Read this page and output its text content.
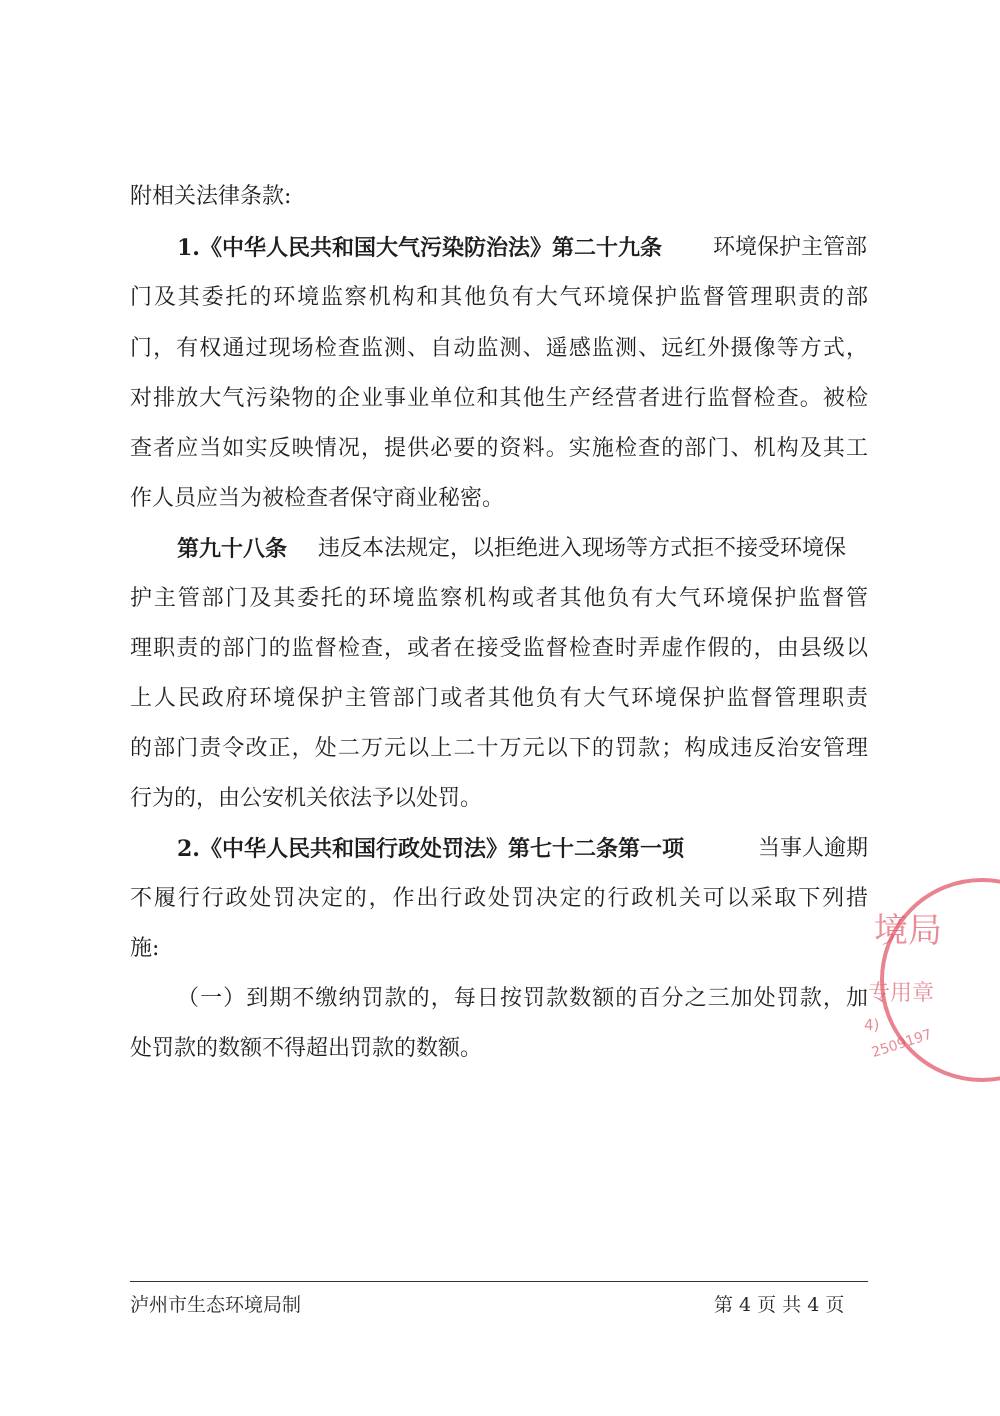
附相关法律条款:
1.《中华人民共和国大气污染防治法》第二十九条 环境保护主管部
门及其委托的环境监察机构和其他负有大气环境保护监督管理职责的部
门，有权通过现场检查监测、自动监测、遥感监测、远红外摄像等方式，
对排放大气污染物的企业事业单位和其他生产经营者进行监督检查。被检
查者应当如实反映情况，提供必要的资料。实施检查的部门、机构及其工
作人员应当为被检查者保守商业秘密。
第九十八条 违反本法规定，以拒绝进入现场等方式拒不接受环境保
护主管部门及其委托的环境监察机构或者其他负有大气环境保护监督管
理职责的部门的监督检查，或者在接受监督检查时弄虚作假的，由县级以
上人民政府环境保护主管部门或者其他负有大气环境保护监督管理职责
的部门责令改正，处二万元以上二十万元以下的罚款；构成违反治安管理
行为的，由公安机关依法予以处罚。
2.《中华人民共和国行政处罚法》第七十二条第一项	当事人逾期
不履行行政处罚决定的，作出行政处罚决定的行政机关可以采取下列措
施:
（一）到期不缴纳罚款的，每日按罚款数额的百分之三加处罚款，加
处罚款的数额不得超出罚款的数额。
境局
专用章
4)
2509197
泸州市生态环境局制	第 4 页 共 4 页
